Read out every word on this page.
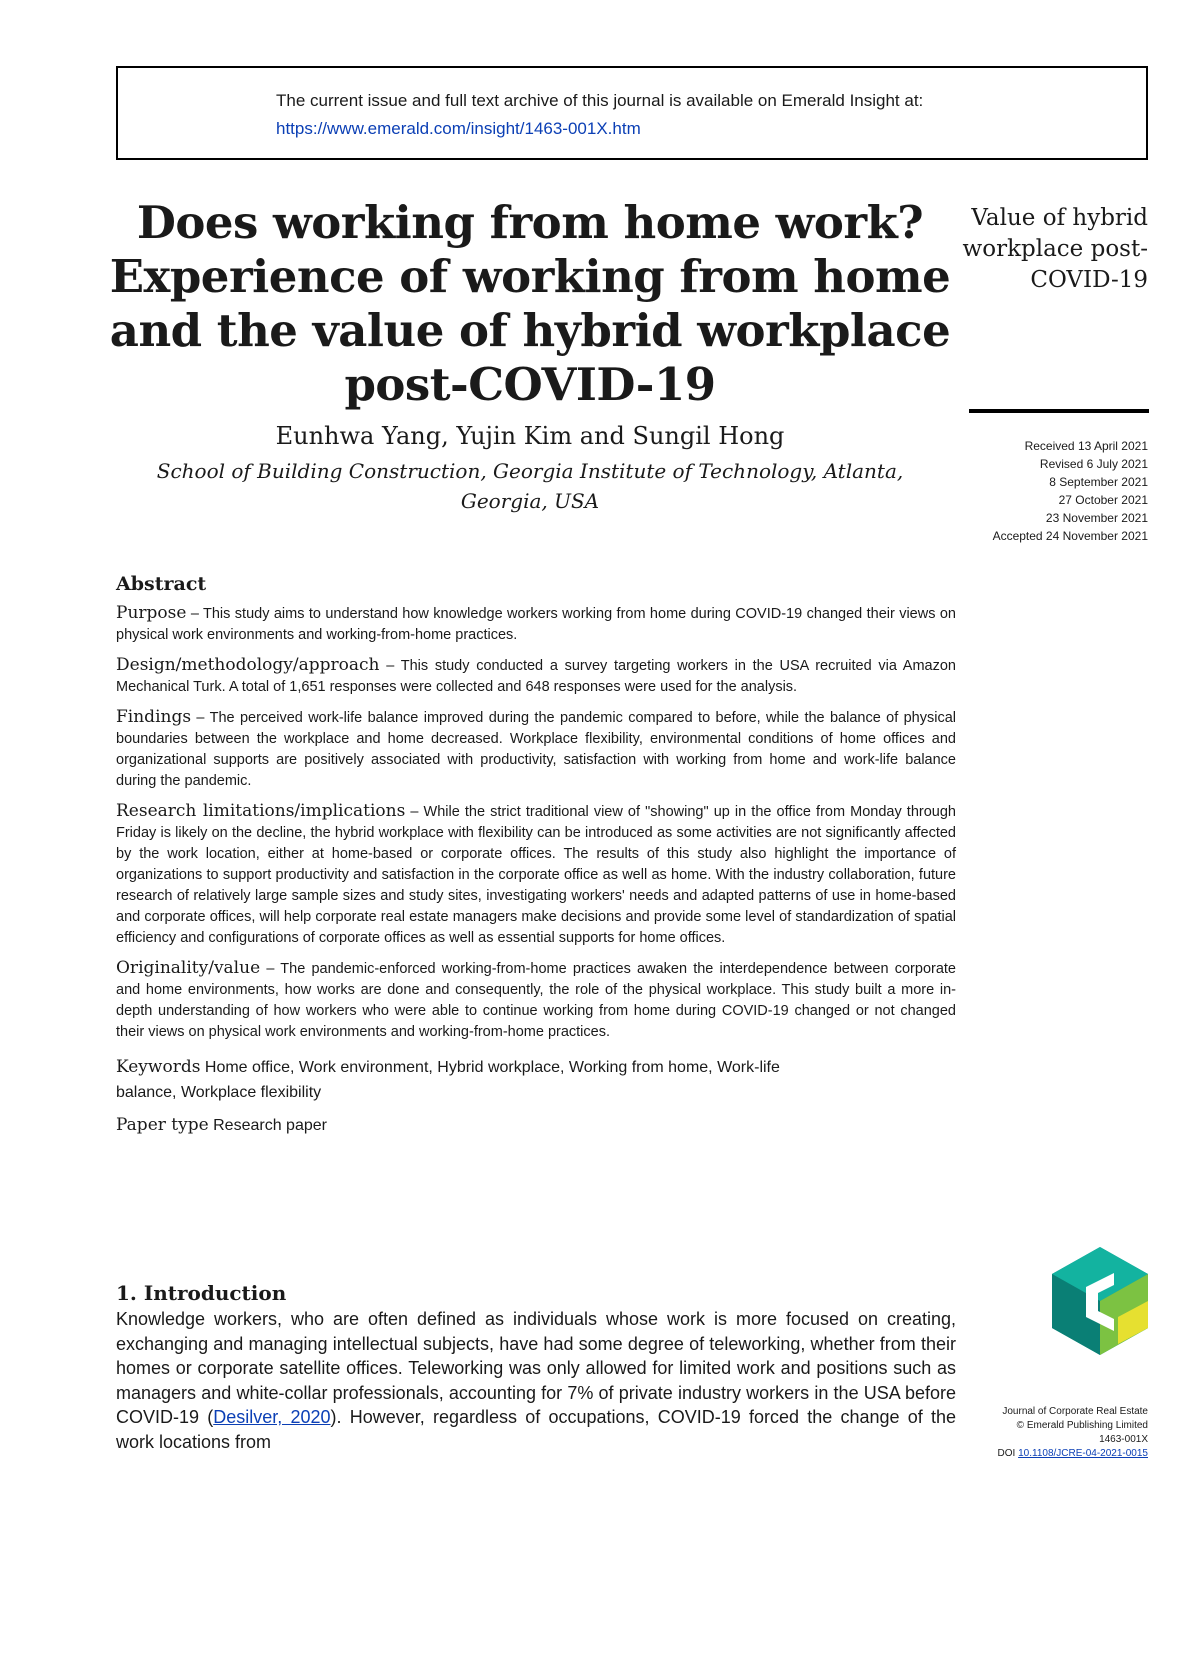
The current issue and full text archive of this journal is available on Emerald Insight at:
https://www.emerald.com/insight/1463-001X.htm
Does working from home work? Experience of working from home and the value of hybrid workplace post-COVID-19
Eunhwa Yang, Yujin Kim and Sungil Hong
School of Building Construction, Georgia Institute of Technology, Atlanta, Georgia, USA
Value of hybrid workplace post-COVID-19
Received 13 April 2021
Revised 6 July 2021
8 September 2021
27 October 2021
23 November 2021
Accepted 24 November 2021
Abstract

Purpose – This study aims to understand how knowledge workers working from home during COVID-19 changed their views on physical work environments and working-from-home practices.

Design/methodology/approach – This study conducted a survey targeting workers in the USA recruited via Amazon Mechanical Turk. A total of 1,651 responses were collected and 648 responses were used for the analysis.

Findings – The perceived work-life balance improved during the pandemic compared to before, while the balance of physical boundaries between the workplace and home decreased. Workplace flexibility, environmental conditions of home offices and organizational supports are positively associated with productivity, satisfaction with working from home and work-life balance during the pandemic.

Research limitations/implications – While the strict traditional view of "showing" up in the office from Monday through Friday is likely on the decline, the hybrid workplace with flexibility can be introduced as some activities are not significantly affected by the work location, either at home-based or corporate offices. The results of this study also highlight the importance of organizations to support productivity and satisfaction in the corporate office as well as home. With the industry collaboration, future research of relatively large sample sizes and study sites, investigating workers' needs and adapted patterns of use in home-based and corporate offices, will help corporate real estate managers make decisions and provide some level of standardization of spatial efficiency and configurations of corporate offices as well as essential supports for home offices.

Originality/value – The pandemic-enforced working-from-home practices awaken the interdependence between corporate and home environments, how works are done and consequently, the role of the physical workplace. This study built a more in-depth understanding of how workers who were able to continue working from home during COVID-19 changed or not changed their views on physical work environments and working-from-home practices.

Keywords Home office, Work environment, Hybrid workplace, Working from home, Work-life balance, Workplace flexibility

Paper type Research paper

1. Introduction

Knowledge workers, who are often defined as individuals whose work is more focused on creating, exchanging and managing intellectual subjects, have had some degree of teleworking, whether from their homes or corporate satellite offices. Teleworking was only allowed for limited work and positions such as managers and white-collar professionals, accounting for 7% of private industry workers in the USA before COVID-19 (Desilver, 2020). However, regardless of occupations, COVID-19 forced the change of the work locations from

Journal of Corporate Real Estate
© Emerald Publishing Limited
1463-001X
DOI 10.1108/JCRE-04-2021-0015
